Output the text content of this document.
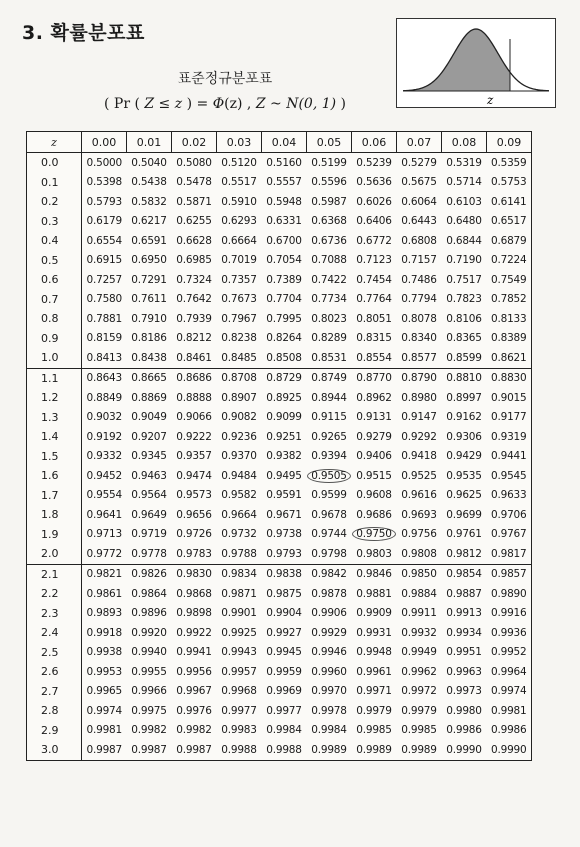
3. 확률분포표
표준정규분포표
( Pr ( Z ≤ z ) = Φ(z) , Z ~ N(0, 1) )	z
z	0.00	0.01	0.02	0.03	0.04	0.05	0.06	0.07	0.08	0.09
0.0	0.5000	0.5040	0.5080	0.5120	0.5160	0.5199	0.5239	0.5279	0.5319	0.5359
0.1	0.5398	0.5438	0.5478	0.5517	0.5557	0.5596	0.5636	0.5675	0.5714	0.5753
0.2	0.5793	0.5832	0.5871	0.5910	0.5948	0.5987	0.6026	0.6064	0.6103	0.6141
0.3	0.6179	0.6217	0.6255	0.6293	0.6331	0.6368	0.6406	0.6443	0.6480	0.6517
0.4	0.6554	0.6591	0.6628	0.6664	0.6700	0.6736	0.6772	0.6808	0.6844	0.6879
0.5	0.6915	0.6950	0.6985	0.7019	0.7054	0.7088	0.7123	0.7157	0.7190	0.7224
0.6	0.7257	0.7291	0.7324	0.7357	0.7389	0.7422	0.7454	0.7486	0.7517	0.7549
0.7	0.7580	0.7611	0.7642	0.7673	0.7704	0.7734	0.7764	0.7794	0.7823	0.7852
0.8	0.7881	0.7910	0.7939	0.7967	0.7995	0.8023	0.8051	0.8078	0.8106	0.8133
0.9	0.8159	0.8186	0.8212	0.8238	0.8264	0.8289	0.8315	0.8340	0.8365	0.8389
1.0	0.8413	0.8438	0.8461	0.8485	0.8508	0.8531	0.8554	0.8577	0.8599	0.8621
1.1	0.8643	0.8665	0.8686	0.8708	0.8729	0.8749	0.8770	0.8790	0.8810	0.8830
1.2	0.8849	0.8869	0.8888	0.8907	0.8925	0.8944	0.8962	0.8980	0.8997	0.9015
1.3	0.9032	0.9049	0.9066	0.9082	0.9099	0.9115	0.9131	0.9147	0.9162	0.9177
1.4	0.9192	0.9207	0.9222	0.9236	0.9251	0.9265	0.9279	0.9292	0.9306	0.9319
1.5	0.9332	0.9345	0.9357	0.9370	0.9382	0.9394	0.9406	0.9418	0.9429	0.9441
1.6	0.9452	0.9463	0.9474	0.9484	0.9495	0.9505	0.9515	0.9525	0.9535	0.9545
1.7	0.9554	0.9564	0.9573	0.9582	0.9591	0.9599	0.9608	0.9616	0.9625	0.9633
1.8	0.9641	0.9649	0.9656	0.9664	0.9671	0.9678	0.9686	0.9693	0.9699	0.9706
1.9	0.9713	0.9719	0.9726	0.9732	0.9738	0.9744	0.9750	0.9756	0.9761	0.9767
2.0	0.9772	0.9778	0.9783	0.9788	0.9793	0.9798	0.9803	0.9808	0.9812	0.9817
2.1	0.9821	0.9826	0.9830	0.9834	0.9838	0.9842	0.9846	0.9850	0.9854	0.9857
2.2	0.9861	0.9864	0.9868	0.9871	0.9875	0.9878	0.9881	0.9884	0.9887	0.9890
2.3	0.9893	0.9896	0.9898	0.9901	0.9904	0.9906	0.9909	0.9911	0.9913	0.9916
2.4	0.9918	0.9920	0.9922	0.9925	0.9927	0.9929	0.9931	0.9932	0.9934	0.9936
2.5	0.9938	0.9940	0.9941	0.9943	0.9945	0.9946	0.9948	0.9949	0.9951	0.9952
2.6	0.9953	0.9955	0.9956	0.9957	0.9959	0.9960	0.9961	0.9962	0.9963	0.9964
2.7	0.9965	0.9966	0.9967	0.9968	0.9969	0.9970	0.9971	0.9972	0.9973	0.9974
2.8	0.9974	0.9975	0.9976	0.9977	0.9977	0.9978	0.9979	0.9979	0.9980	0.9981
2.9	0.9981	0.9982	0.9982	0.9983	0.9984	0.9984	0.9985	0.9985	0.9986	0.9986
3.0	0.9987	0.9987	0.9987	0.9988	0.9988	0.9989	0.9989	0.9989	0.9990	0.9990
